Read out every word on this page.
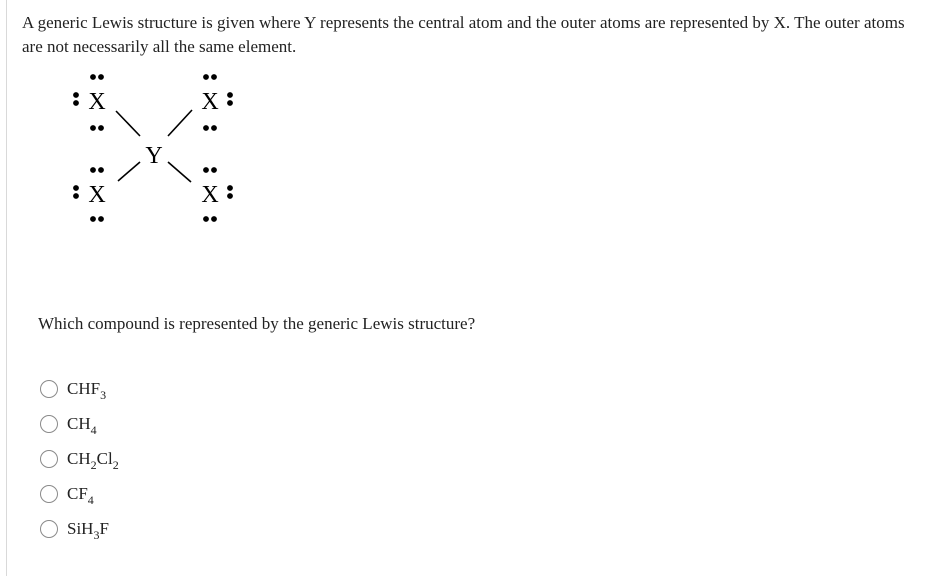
A generic Lewis structure is given where Y represents the central atom and the outer atoms are represented by X. The outer atoms are not necessarily all the same element.

Y
X	X
X	X

Which compound is represented by the generic Lewis structure?

$CHF_3$
$CH_4$
$CH_2Cl_2$
$CF_4$
SiH$_3$F
